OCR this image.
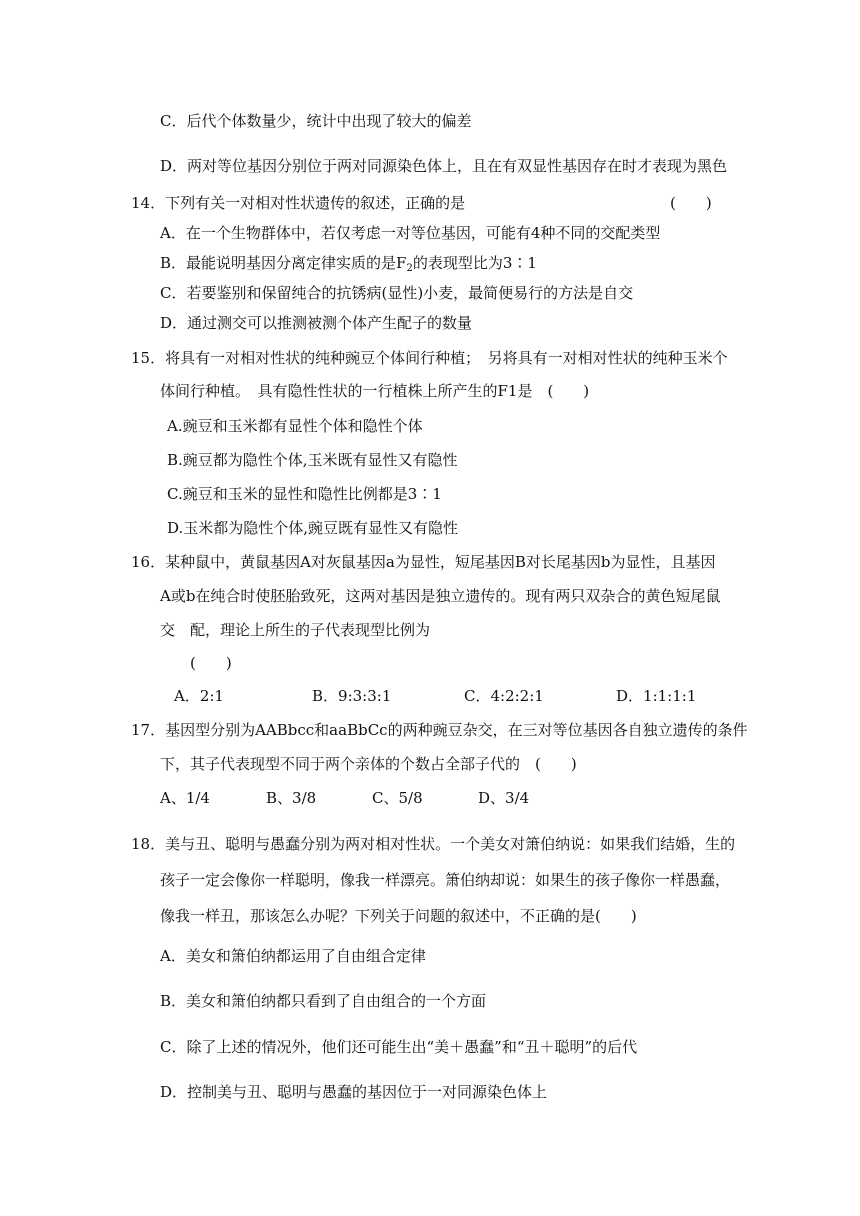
C．后代个体数量少，统计中出现了较大的偏差
D．两对等位基因分别位于两对同源染色体上，且在有双显性基因存在时才表现为黑色
14．下列有关一对相对性状遗传的叙述，正确的是	(　　)
A．在一个生物群体中，若仅考虑一对等位基因，可能有4种不同的交配类型
B．最能说明基因分离定律实质的是$F_2$的表现型比为3∶1
C．若要鉴别和保留纯合的抗锈病(显性)小麦，最简便易行的方法是自交
D．通过测交可以推测被测个体产生配子的数量
15．将具有一对相对性状的纯种豌豆个体间行种植；　另将具有一对相对性状的纯种玉米个
体间行种植。　具有隐性性状的一行植株上所产生的F1是　(　　)
A.豌豆和玉米都有显性个体和隐性个体
B.豌豆都为隐性个体,玉米既有显性又有隐性
C.豌豆和玉米的显性和隐性比例都是3∶1
D.玉米都为隐性个体,豌豆既有显性又有隐性
16．某种鼠中，黄鼠基因A对灰鼠基因a为显性，短尾基因B对长尾基因b为显性，且基因
A或b在纯合时使胚胎致死，这两对基因是独立遗传的。现有两只双杂合的黄色短尾鼠
交　配，理论上所生的子代表现型比例为
(　　)
A．2:1	B．9:3:3:1	C．4:2:2:1	D．1:1:1:1
17．基因型分别为AABbcc和aaBbCc的两种豌豆杂交，在三对等位基因各自独立遗传的条件
下，其子代表现型不同于两个亲体的个数占全部子代的　(　　)
A、1/4	B、3/8	C、5/8	D、3/4
18．美与丑、聪明与愚蠢分别为两对相对性状。一个美女对箫伯纳说：如果我们结婚，生的
孩子一定会像你一样聪明，像我一样漂亮。箫伯纳却说：如果生的孩子像你一样愚蠢，
像我一样丑，那该怎么办呢？下列关于问题的叙述中，不正确的是(　　)
A．美女和箫伯纳都运用了自由组合定律
B．美女和箫伯纳都只看到了自由组合的一个方面
C．除了上述的情况外，他们还可能生出“美＋愚蠢”和“丑＋聪明”的后代
D．控制美与丑、聪明与愚蠢的基因位于一对同源染色体上
